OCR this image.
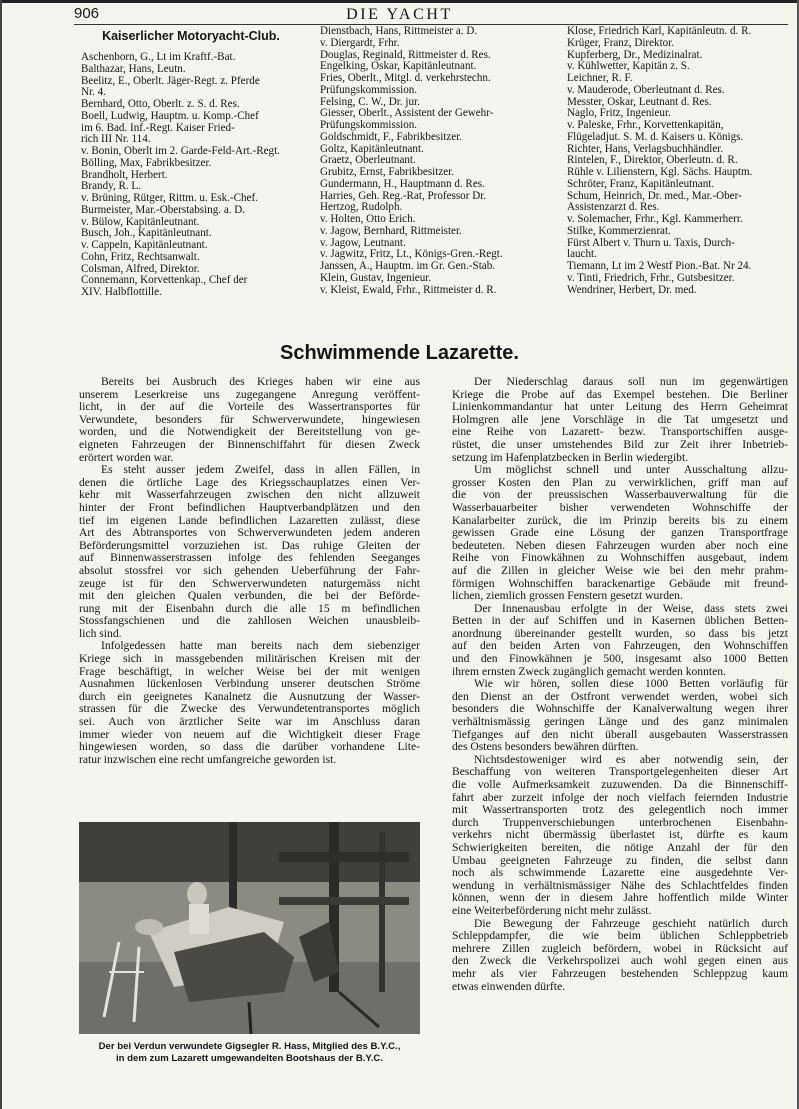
906	DIE YACHT
Kaiserlicher Motoryacht-Club.
Aschenborn, G., Lt im Kraftf.-Bat.
Balthazar, Hans, Leutn.
Beelitz, E., Oberlt. Jäger-Regt. z. Pferde
Nr. 4.
Bernhard, Otto, Oberlt. z. S. d. Res.
Boell, Ludwig, Hauptm. u. Komp.-Chef
im 6. Bad. Inf.-Regt. Kaiser Fried-
rich III Nr. 114.
v. Bonin, Oberlt im 2. Garde-Feld-Art.-Regt.
Bölling, Max, Fabrikbesitzer.
Brandholt, Herbert.
Brandy, R. L.
v. Brüning, Rütger, Rittm. u. Esk.-Chef.
Burmeister, Mar.-Oberstabsing. a. D.
v. Bülow, Kapitänleutnant.
Busch, Joh., Kapitänleutnant.
v. Cappeln, Kapitänleutnant.
Cohn, Fritz, Rechtsanwalt.
Colsman, Alfred, Direktor.
Connemann, Korvettenkap., Chef der
XIV. Halbflottille.
Dienstbach, Hans, Rittmeister a. D.
v. Diergardt, Frhr.
Douglas, Reginald, Rittmeister d. Res.
Engelking, Oskar, Kapitänleutnant.
Fries, Oberlt., Mitgl. d. verkehrstechn.
Prüfungskommission.
Felsing, C. W., Dr. jur.
Giesser, Oberlt., Assistent der Gewehr-
Prüfungskommission.
Goldschmidt, F., Fabrikbesitzer.
Goltz, Kapitänleutnant.
Graetz, Oberleutnant.
Grubitz, Ernst, Fabrikbesitzer.
Gundermann, H., Hauptmann d. Res.
Harries, Geh. Reg.-Rat, Professor Dr.
Hertzog, Rudolph.
v. Holten, Otto Erich.
v. Jagow, Bernhard, Rittmeister.
v. Jagow, Leutnant.
v. Jagwitz, Fritz, Lt., Königs-Gren.-Regt.
Janssen, A., Hauptm. im Gr. Gen.-Stab.
Klein, Gustav, Ingenieur.
v. Kleist, Ewald, Frhr., Rittmeister d. R.
Klose, Friedrich Karl, Kapitänleutn. d. R.
Krüger, Franz, Direktor.
Kupferberg, Dr., Medizinalrat.
v. Kühlwetter, Kapitän z. S.
Leichner, R. F.
v. Mauderode, Oberleutnant d. Res.
Messter, Oskar, Leutnant d. Res.
Naglo, Fritz, Ingenieur.
v. Paleske, Frhr., Korvettenkapitän,
Flügeladjut. S. M. d. Kaisers u. Königs.
Richter, Hans, Verlagsbuchhändler.
Rintelen, F., Direktor, Oberleutn. d. R.
Rühle v. Lilienstern, Kgl. Sächs. Hauptm.
Schröter, Franz, Kapitänleutnant.
Schum, Heinrich, Dr. med., Mar.-Ober-
Assistenzarzt d. Res.
v. Solemacher, Frhr., Kgl. Kammerherr.
Stilke, Kommerzienrat.
Fürst Albert v. Thurn u. Taxis, Durch-
laucht.
Tiemann, Lt im 2 Westf Pion.-Bat. Nr 24.
v. Tinti, Friedrich, Frhr., Gutsbesitzer.
Wendriner, Herbert, Dr. med.
Schwimmende Lazarette.
Bereits bei Ausbruch des Krieges haben wir eine aus
unserem Leserkreise uns zugegangene Anregung veröffent-
licht, in der auf die Vorteile des Wassertransportes für
Verwundete, besonders für Schwerverwundete, hingewiesen
worden, und die Notwendigkeit der Bereitstellung von ge-
eigneten Fahrzeugen der Binnenschiffahrt für diesen Zweck
erörtert worden war.
Es steht ausser jedem Zweifel, dass in allen Fällen, in
denen die örtliche Lage des Kriegsschauplatzes einen Ver-
kehr mit Wasserfahrzeugen zwischen den nicht allzuweit
hinter der Front befindlichen Hauptverbandplätzen und den
tief im eigenen Lande befindlichen Lazaretten zulässt, diese
Art des Abtransportes von Schwerverwundeten jedem anderen
Beförderungsmittel vorzuziehen ist. Das ruhige Gleiten der
auf Binnenwasserstrassen infolge des fehlenden Seeganges
absolut stossfrei vor sich gehenden Ueberführung der Fahr-
zeuge ist für den Schwerverwundeten naturgemäss nicht
mit den gleichen Qualen verbunden, die bei der Beförde-
rung mit der Eisenbahn durch die alle 15 m befindlichen
Stossfangschienen und die zahllosen Weichen unausbleib-
lich sind.
Infolgedessen hatte man bereits nach dem siebenziger
Kriege sich in massgebenden militärischen Kreisen mit der
Frage beschäftigt, in welcher Weise bei der mit wenigen
Ausnahmen lückenlosen Verbindung unserer deutschen Ströme
durch ein geeignetes Kanalnetz die Ausnutzung der Wasser-
strassen für die Zwecke des Verwundetentransportes möglich
sei. Auch von ärztlicher Seite war im Anschluss daran
immer wieder von neuem auf die Wichtigkeit dieser Frage
hingewiesen worden, so dass die darüber vorhandene Lite-
ratur inzwischen eine recht umfangreiche geworden ist.
Der Niederschlag daraus soll nun im gegenwärtigen
Kriege die Probe auf das Exempel bestehen. Die Berliner
Linienkommandantur hat unter Leitung des Herrn Geheimrat
Holmgren alle jene Vorschläge in die Tat umgesetzt und
eine Reihe von Lazarett- bezw. Transportschiffen ausge-
rüstet, die unser umstehendes Bild zur Zeit ihrer Inbetrieb-
setzung im Hafenplatzbecken in Berlin wiedergibt.
Um möglichst schnell und unter Ausschaltung allzu-
grosser Kosten den Plan zu verwirklichen, griff man auf
die von der preussischen Wasserbauverwaltung für die
Wasserbauarbeiter bisher verwendeten Wohnschiffe der
Kanalarbeiter zurück, die im Prinzip bereits bis zu einem
gewissen Grade eine Lösung der ganzen Transportfrage
bedeuteten. Neben diesen Fahrzeugen wurden aber noch eine
Reihe von Finowkähnen zu Wohnschiffen ausgebaut, indem
auf die Zillen in gleicher Weise wie bei den mehr prahm-
förmigen Wohnschiffen barackenartige Gebäude mit freund-
lichen, ziemlich grossen Fenstern gesetzt wurden.
Der Innenausbau erfolgte in der Weise, dass stets zwei
Betten in der auf Schiffen und in Kasernen üblichen Betten-
anordnung übereinander gestellt wurden, so dass bis jetzt
auf den beiden Arten von Fahrzeugen, den Wohnschiffen
und den Finowkähnen je 500, insgesamt also 1000 Betten
ihrem ernsten Zweck zugänglich gemacht werden konnten.
Wie wir hören, sollen diese 1000 Betten vorläufig für
den Dienst an der Ostfront verwendet werden, wobei sich
besonders die Wohnschiffe der Kanalverwaltung wegen ihrer
verhältnismässig geringen Länge und des ganz minimalen
Tiefganges auf den nicht überall ausgebauten Wasserstrassen
des Ostens besonders bewähren dürften.
Nichtsdestoweniger wird es aber notwendig sein, der
Beschaffung von weiteren Transportgelegenheiten dieser Art
die volle Aufmerksamkeit zuzuwenden. Da die Binnenschiff-
fahrt aber zurzeit infolge der noch vielfach feiernden Industrie
mit Wassertransporten trotz des gelegentlich noch immer
durch Truppenverschiebungen unterbrochenen Eisenbahn-
verkehrs nicht übermässig überlastet ist, dürfte es kaum
Schwierigkeiten bereiten, die nötige Anzahl der für den
Umbau geeigneten Fahrzeuge zu finden, die selbst dann
noch als schwimmende Lazarette eine ausgedehnte Ver-
wendung in verhältnismässiger Nähe des Schlachtfeldes finden
können, wenn der in diesem Jahre hoffentlich milde Winter
eine Weiterbeförderung nicht mehr zulässt.
Die Bewegung der Fahrzeuge geschieht natürlich durch
Schleppdampfer, die wie beim üblichen Schleppbetrieb
mehrere Zillen zugleich befördern, wobei in Rücksicht auf
den Zweck die Verkehrspolizei auch wohl gegen einen aus
mehr als vier Fahrzeugen bestehenden Schleppzug kaum
etwas einwenden dürfte.
Der bei Verdun verwundete Gigsegler R. Hass, Mitglied des B.Y.C.,
in dem zum Lazarett umgewandelten Bootshaus der B.Y.C.
